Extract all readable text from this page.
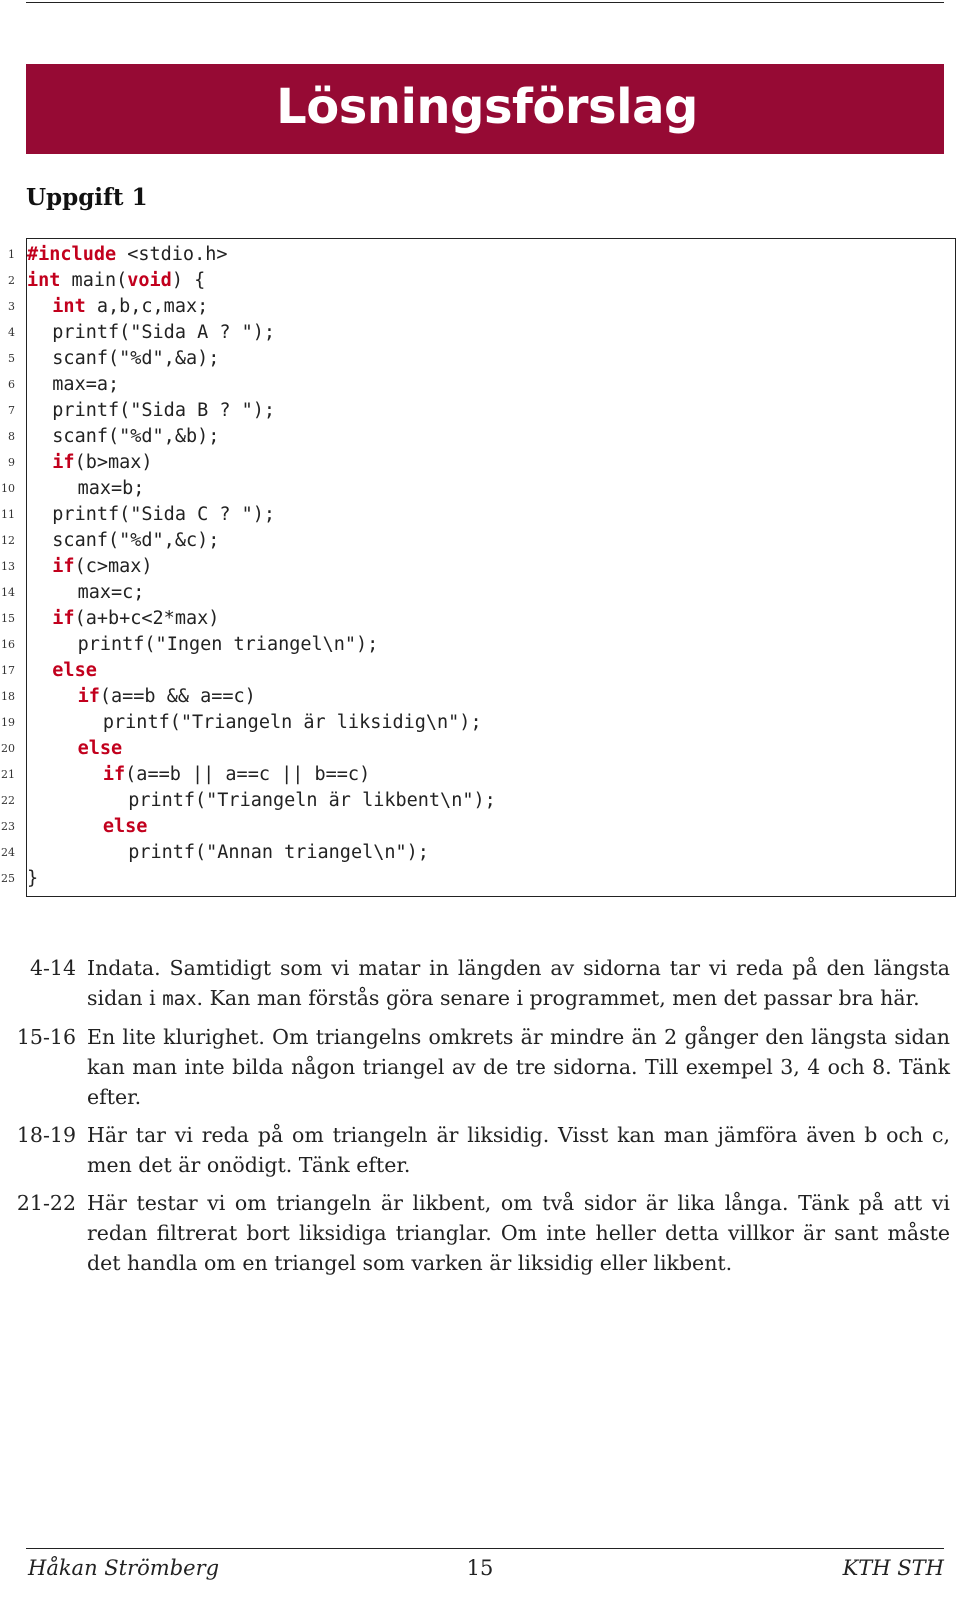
Lösningsförslag
Uppgift 1
1 #include <stdio.h>
2 int main(void) {
3 int a,b,c,max;
4 printf("Sida A ? ");
5 scanf("%d",&a);
6 max=a;
7 printf("Sida B ? ");
8 scanf("%d",&b);
9 if(b>max)
10	max=b;
11 printf("Sida C ? ");
12 scanf("%d",&c);
13 if(c>max)
14	max=c;
15 if(a+b+c<2*max)
16	printf("Ingen triangel\n");
17 else
18	if(a==b && a==c)
19	printf("Triangeln är liksidig\n");
20	else
21	if(a==b || a==c || b==c)
22	printf("Triangeln är likbent\n");
23	else
24	printf("Annan triangel\n");
25 }
4-14 Indata. Samtidigt som vi matar in längden av sidorna tar vi reda på den längsta sidan i max. Kan man förstås göra senare i programmet, men det passar bra här.
15-16 En lite klurighet. Om triangelns omkrets är mindre än 2 gånger den längsta sidan kan man inte bilda någon triangel av de tre sidorna. Till exempel 3, 4 och 8. Tänk efter.
18-19 Här tar vi reda på om triangeln är liksidig. Visst kan man jämföra även b och c, men det är onödigt. Tänk efter.
21-22 Här testar vi om triangeln är likbent, om två sidor är lika långa. Tänk på att vi redan filtrerat bort liksidiga trianglar. Om inte heller detta villkor är sant måste det handla om en triangel som varken är liksidig eller likbent.
Håkan Strömberg	15	KTH STH
